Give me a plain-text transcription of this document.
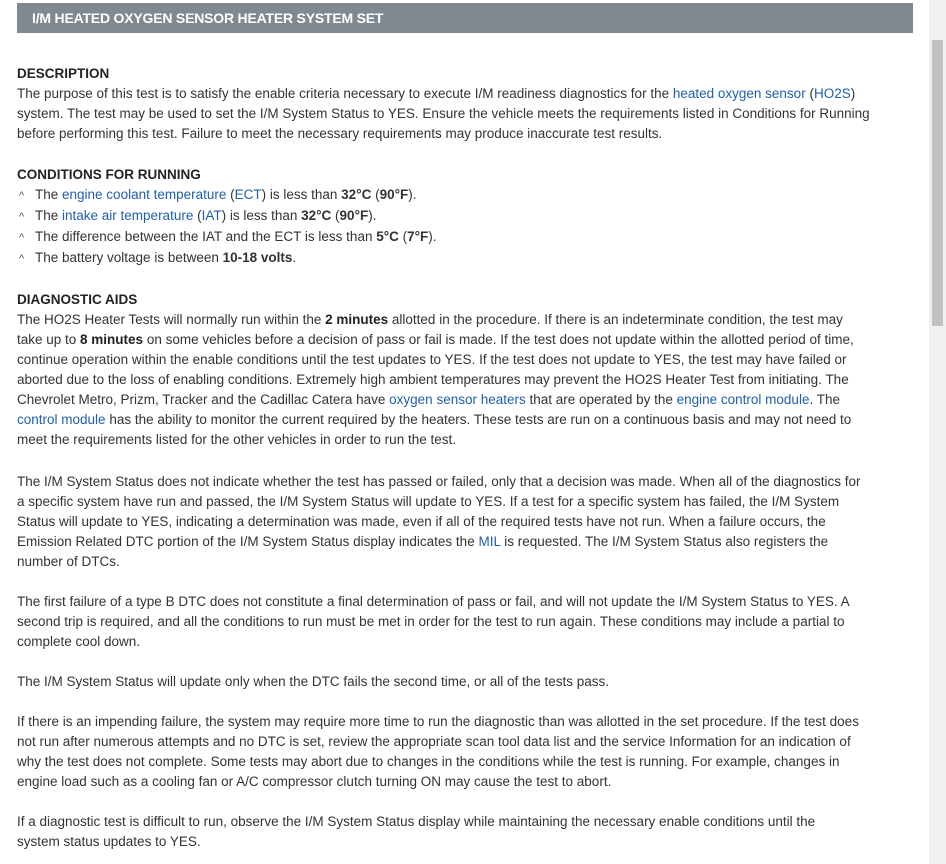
I/M HEATED OXYGEN SENSOR HEATER SYSTEM SET
DESCRIPTION
The purpose of this test is to satisfy the enable criteria necessary to execute I/M readiness diagnostics for the heated oxygen sensor (HO2S)
system. The test may be used to set the I/M System Status to YES. Ensure the vehicle meets the requirements listed in Conditions for Running
before performing this test. Failure to meet the necessary requirements may produce inaccurate test results.
CONDITIONS FOR RUNNING
^ The engine coolant temperature (ECT) is less than 32°C (90°F).
^ The intake air temperature (IAT) is less than 32°C (90°F).
^ The difference between the IAT and the ECT is less than 5°C (7°F).
^ The battery voltage is between 10-18 volts.
DIAGNOSTIC AIDS
The HO2S Heater Tests will normally run within the 2 minutes allotted in the procedure. If there is an indeterminate condition, the test may
take up to 8 minutes on some vehicles before a decision of pass or fail is made. If the test does not update within the allotted period of time,
continue operation within the enable conditions until the test updates to YES. If the test does not update to YES, the test may have failed or
aborted due to the loss of enabling conditions. Extremely high ambient temperatures may prevent the HO2S Heater Test from initiating. The
Chevrolet Metro, Prizm, Tracker and the Cadillac Catera have oxygen sensor heaters that are operated by the engine control module. The
control module has the ability to monitor the current required by the heaters. These tests are run on a continuous basis and may not need to
meet the requirements listed for the other vehicles in order to run the test.
The I/M System Status does not indicate whether the test has passed or failed, only that a decision was made. When all of the diagnostics for
a specific system have run and passed, the I/M System Status will update to YES. If a test for a specific system has failed, the I/M System
Status will update to YES, indicating a determination was made, even if all of the required tests have not run. When a failure occurs, the
Emission Related DTC portion of the I/M System Status display indicates the MIL is requested. The I/M System Status also registers the
number of DTCs.
The first failure of a type B DTC does not constitute a final determination of pass or fail, and will not update the I/M System Status to YES. A
second trip is required, and all the conditions to run must be met in order for the test to run again. These conditions may include a partial to
complete cool down.
The I/M System Status will update only when the DTC fails the second time, or all of the tests pass.
If there is an impending failure, the system may require more time to run the diagnostic than was allotted in the set procedure. If the test does
not run after numerous attempts and no DTC is set, review the appropriate scan tool data list and the service Information for an indication of
why the test does not complete. Some tests may abort due to changes in the conditions while the test is running. For example, changes in
engine load such as a cooling fan or A/C compressor clutch turning ON may cause the test to abort.
If a diagnostic test is difficult to run, observe the I/M System Status display while maintaining the necessary enable conditions until the
system status updates to YES.
